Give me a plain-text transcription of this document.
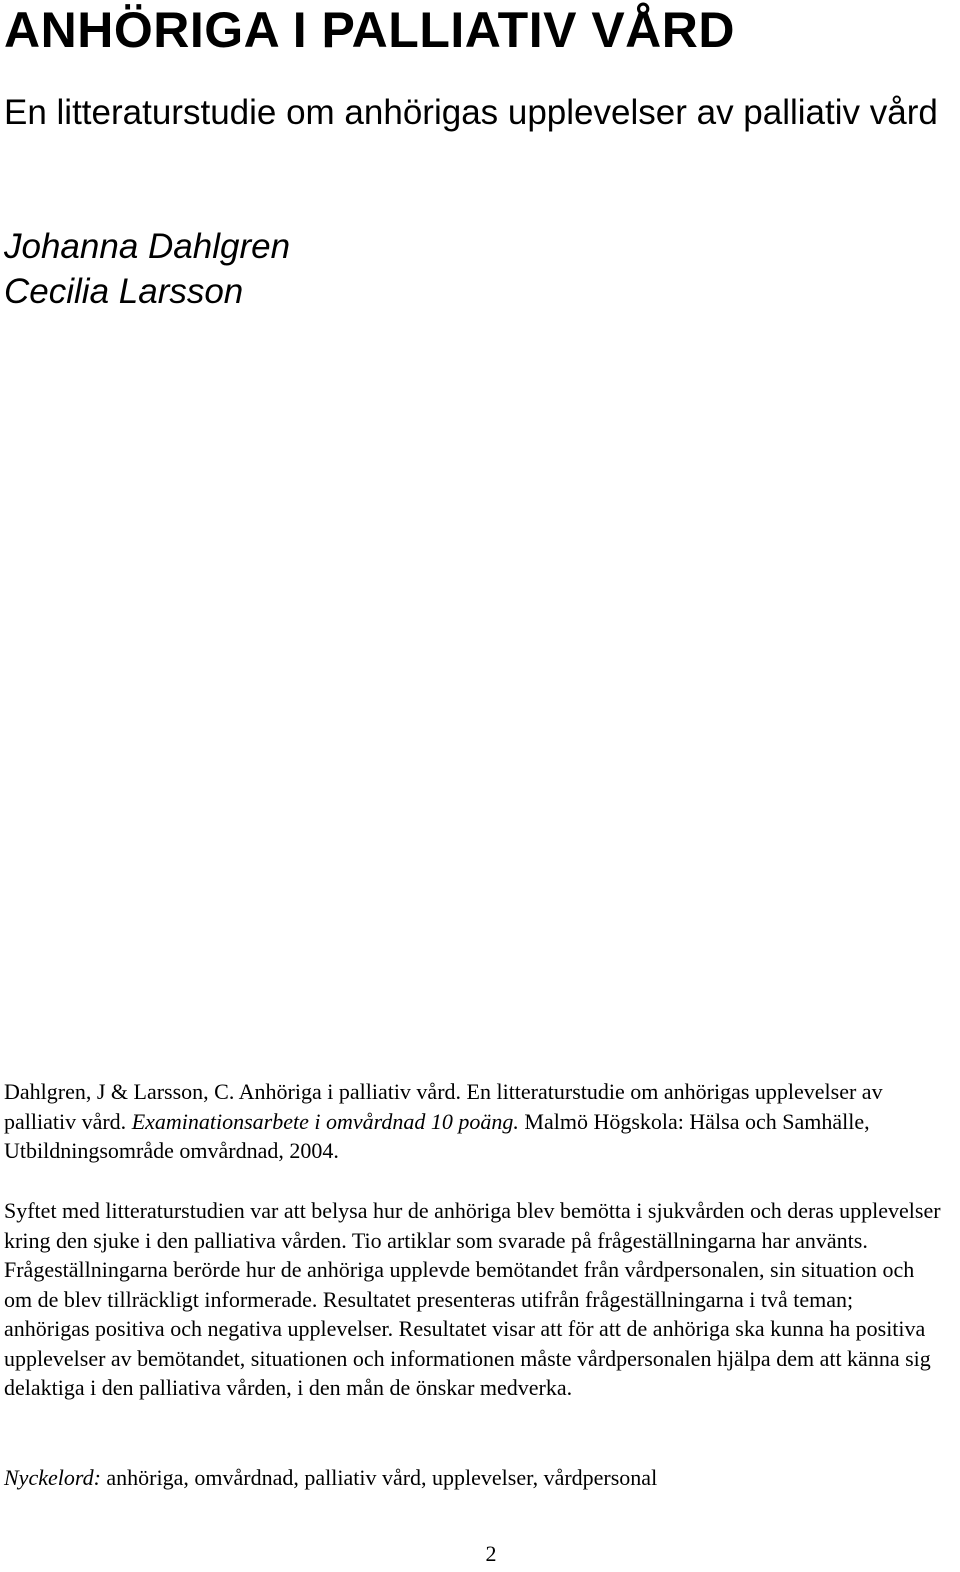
ANHÖRIGA I PALLIATIV VÅRD
En litteraturstudie om anhörigas upplevelser av palliativ vård
Johanna Dahlgren
Cecilia Larsson

Dahlgren, J & Larsson, C. Anhöriga i palliativ vård. En litteraturstudie om anhörigas upplevelser av palliativ vård. Examinationsarbete i omvårdnad 10 poäng. Malmö Högskola: Hälsa och Samhälle, Utbildningsområde omvårdnad, 2004.

Syftet med litteraturstudien var att belysa hur de anhöriga blev bemötta i sjukvården och deras upplevelser kring den sjuke i den palliativa vården. Tio artiklar som svarade på frågeställningarna har använts. Frågeställningarna berörde hur de anhöriga upplevde bemötandet från vårdpersonalen, sin situation och om de blev tillräckligt informerade. Resultatet presenteras utifrån frågeställningarna i två teman; anhörigas positiva och negativa upplevelser. Resultatet visar att för att de anhöriga ska kunna ha positiva upplevelser av bemötandet, situationen och informationen måste vårdpersonalen hjälpa dem att känna sig delaktiga i den palliativa vården, i den mån de önskar medverka.

Nyckelord: anhöriga, omvårdnad, palliativ vård, upplevelser, vårdpersonal

2
